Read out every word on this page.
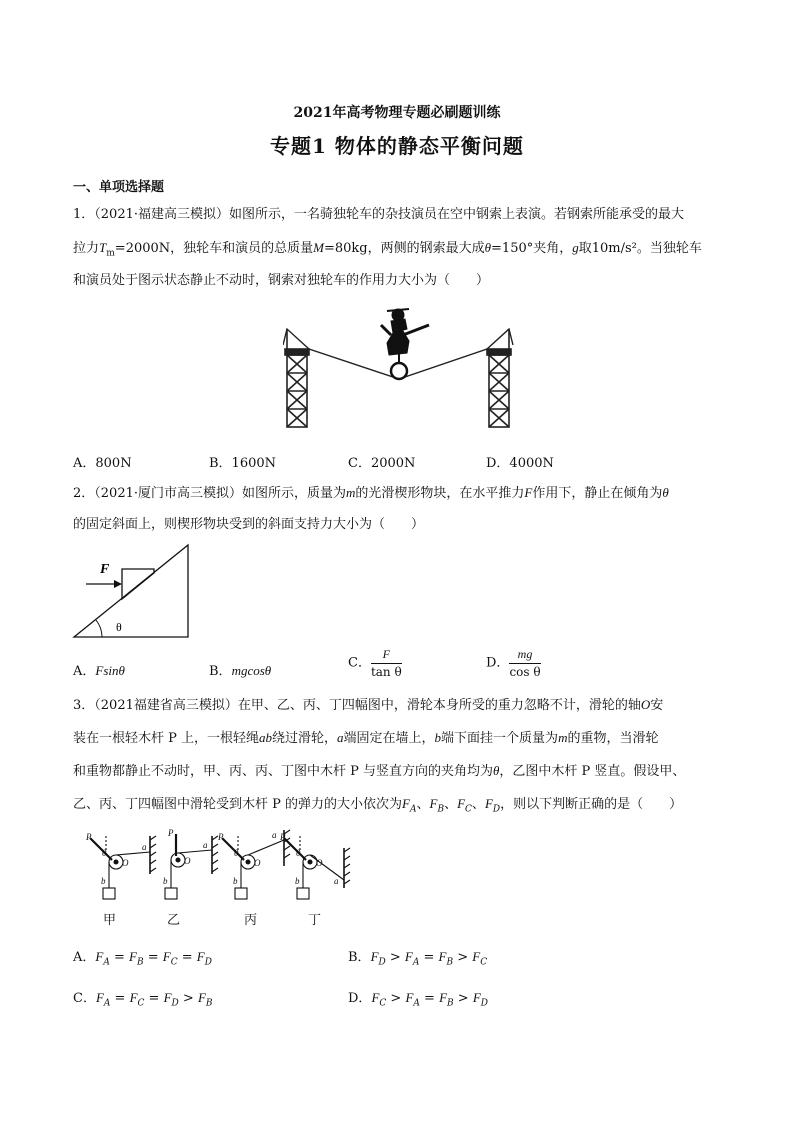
2021年高考物理专题必刷题训练
专题1 物体的静态平衡问题
一、单项选择题
1．（2021·福建高三模拟）如图所示，一名骑独轮车的杂技演员在空中钢索上表演。若钢索所能承受的最大
拉力$T_m=2000N$，独轮车和演员的总质量M=80kg，两侧的钢索最大成θ=150°夹角，g取10m/s²。当独轮车
和演员处于图示状态静止不动时，钢索对独轮车的作用力大小为（　　）
A．800N	B．1600N	C．2000N	D．4000N
2．（2021·厦门市高三模拟）如图所示，质量为m的光滑楔形物块，在水平推力F作用下，静止在倾角为θ
的固定斜面上，则楔形物块受到的斜面支持力大小为（　　）
F
θ
A．Fsinθ	B．mgcosθ	C． $\frac{F}{\text{tan θ}}$	D． $\frac{mg}{\text{cos θ}}$
3．（2021福建省高三模拟）在甲、乙、丙、丁四幅图中，滑轮本身所受的重力忽略不计，滑轮的轴O安
装在一根轻木杆 P 上，一根轻绳ab绕过滑轮，a端固定在墙上，b端下面挂一个质量为m的重物，当滑轮
和重物都静止不动时，甲、丙、丙、丁图中木杆 P 与竖直方向的夹角均为θ，乙图中木杆 P 竖直。假设甲、
乙、丙、丁四幅图中滑轮受到木杆 P 的弹力的大小依次为$F_A$、$F_B$、$F_C$、$F_D$，则以下判断正确的是（　　）
P
θ
O
a
b
P
O
a
b
P
θ
O
a
b
P
θ
O
a
b
甲	乙	丙	丁
A．$F_A = F_B = F_C = F_D$	B．$F_D > F_A = F_B > F_C$
C．$F_A = F_C = F_D > F_B$	D．$F_C > F_A = F_B > F_D$
